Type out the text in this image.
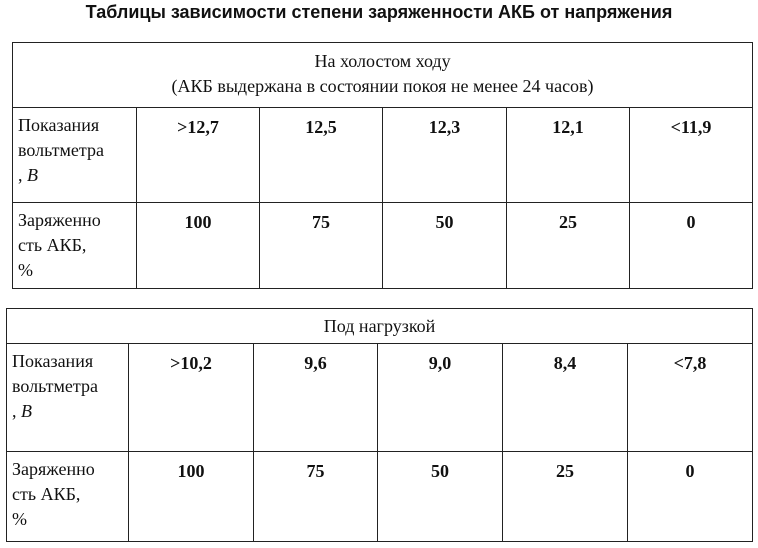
Таблицы зависимости степени заряженности АКБ от напряжения
На холостом ходу
(АКБ выдержана в состоянии покоя не менее 24 часов)					

Показания
вольтметра
, В	>12,7	12,5	12,3	12,1	<11,9

Заряженно
сть АКБ,
%	100	75	50	25	0
Под нагрузкой					

Показания
вольтметра
, В	>10,2	9,6	9,0	8,4	<7,8

Заряженно
сть АКБ,
%	100	75	50	25	0
